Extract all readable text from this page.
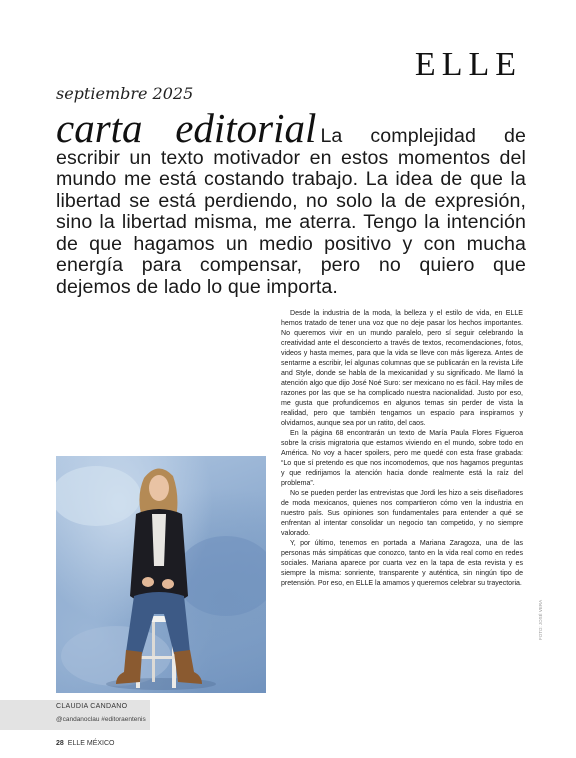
ELLE
septiembre 2025
carta editorial La complejidad de escribir un texto motivador en estos momentos del mundo me está costando trabajo. La idea de que la libertad se está perdiendo, no solo la de expresión, sino la libertad misma, me aterra. Tengo la intención de que hagamos un medio positivo y con mucha energía para compensar, pero no quiero que dejemos de lado lo que importa.

Desde la industria de la moda, la belleza y el estilo de vida, en ELLE hemos tratado de tener una voz que no deje pasar los hechos importantes. No queremos vivir en un mundo paralelo, pero sí seguir celebrando la creatividad ante el desconcierto a través de textos, recomendaciones, fotos, videos y hasta memes, para que la vida se lleve con más ligereza. Antes de sentarme a escribir, leí algunas columnas que se publicarán en la revista Life and Style, donde se habla de la mexicanidad y su significado. Me llamó la atención algo que dijo José Noé Suro: ser mexicano no es fácil. Hay miles de razones por las que se ha complicado nuestra nacionalidad. Justo por eso, me gusta que profundicemos en algunos temas sin perder de vista la realidad, pero que también tengamos un espacio para inspirarnos y olvidarnos, aunque sea por un ratito, del caos.

En la página 68 encontrarán un texto de María Paula Flores Figueroa sobre la crisis migratoria que estamos viviendo en el mundo, sobre todo en América. No voy a hacer spoilers, pero me quedé con esta frase grabada: “Lo que sí pretendo es que nos incomodemos, que nos hagamos preguntas y que redirijamos la atención hacia donde realmente está la raíz del problema”.

No se pueden perder las entrevistas que Jordi les hizo a seis diseñadores de moda mexicanos, quienes nos compartieron cómo ven la industria en nuestro país. Sus opiniones son fundamentales para entender a qué se enfrentan al intentar consolidar un negocio tan competido, y no siempre valorado.

Y, por último, tenemos en portada a Mariana Zaragoza, una de las personas más simpáticas que conozco, tanto en la vida real como en redes sociales. Mariana aparece por cuarta vez en la tapa de esta revista y es siempre la misma: sonriente, transparente y auténtica, sin ningún tipo de pretensión. Por eso, en ELLE la amamos y queremos celebrar su trayectoria.

CLAUDIA CANDANO
@candanoclau #editoraentenis
FOTO: JOSÉ VERA
28 ELLE MÉXICO
